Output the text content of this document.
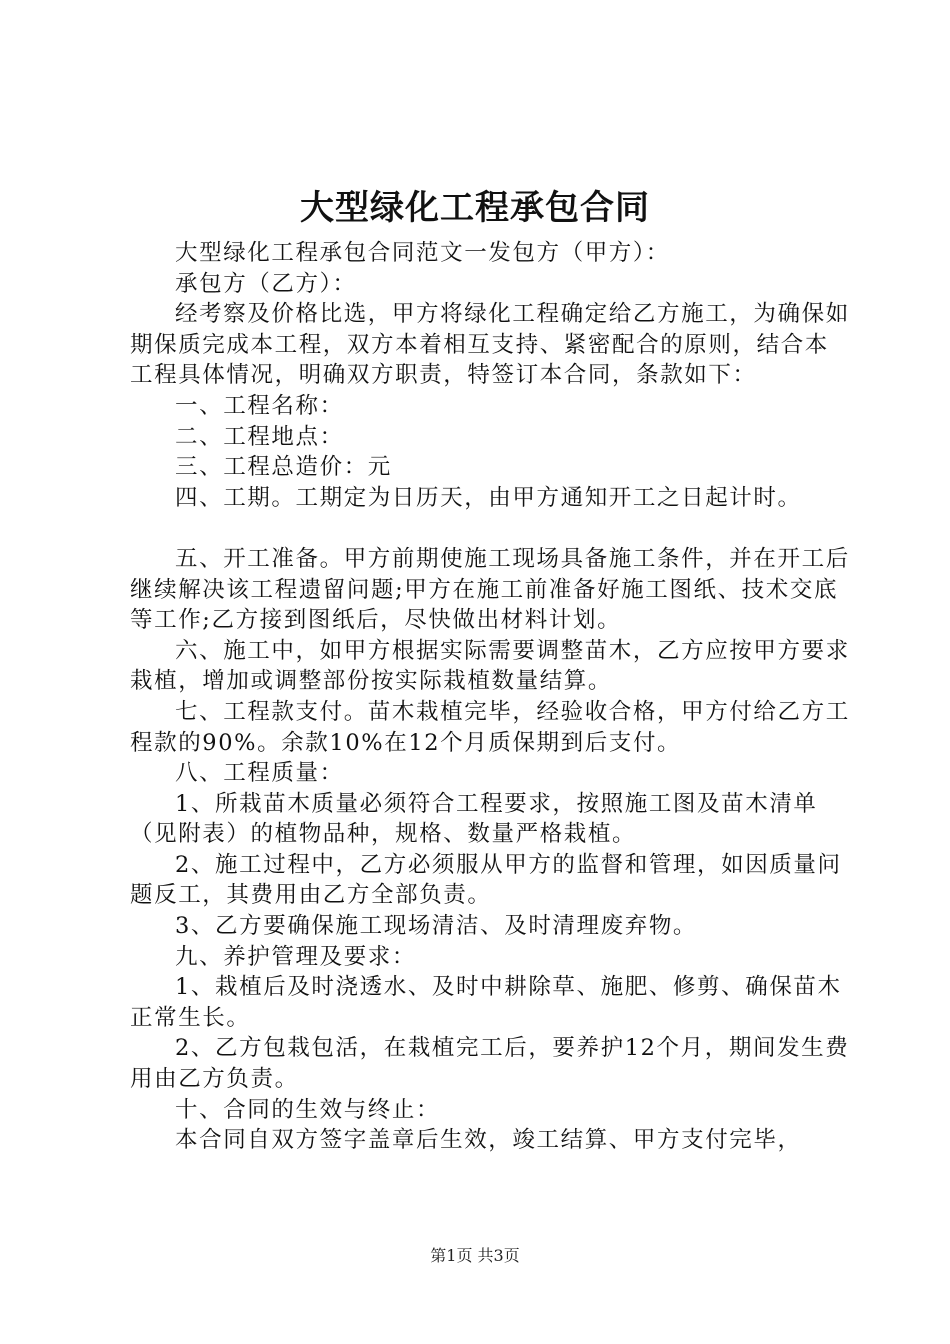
大型绿化工程承包合同

大型绿化工程承包合同范文一发包方（甲方）：

承包方（乙方）：

经考察及价格比选，甲方将绿化工程确定给乙方施工，为确保如期保质完成本工程，双方本着相互支持、紧密配合的原则，结合本工程具体情况，明确双方职责，特签订本合同，条款如下：

一、工程名称：

二、工程地点：

三、工程总造价：元

四、工期。工期定为日历天，由甲方通知开工之日起计时。

五、开工准备。甲方前期使施工现场具备施工条件，并在开工后继续解决该工程遗留问题;甲方在施工前准备好施工图纸、技术交底等工作;乙方接到图纸后，尽快做出材料计划。

六、施工中，如甲方根据实际需要调整苗木，乙方应按甲方要求栽植，增加或调整部份按实际栽植数量结算。

七、工程款支付。苗木栽植完毕，经验收合格，甲方付给乙方工程款的90%。余款10%在12个月质保期到后支付。

八、工程质量：

1、所栽苗木质量必须符合工程要求，按照施工图及苗木清单（见附表）的植物品种，规格、数量严格栽植。

2、施工过程中，乙方必须服从甲方的监督和管理，如因质量问题反工，其费用由乙方全部负责。

3、乙方要确保施工现场清洁、及时清理废弃物。

九、养护管理及要求：

1、栽植后及时浇透水、及时中耕除草、施肥、修剪、确保苗木正常生长。

2、乙方包栽包活，在栽植完工后，要养护12个月，期间发生费用由乙方负责。

十、合同的生效与终止：

本合同自双方签字盖章后生效，竣工结算、甲方支付完毕，

第1页 共3页
